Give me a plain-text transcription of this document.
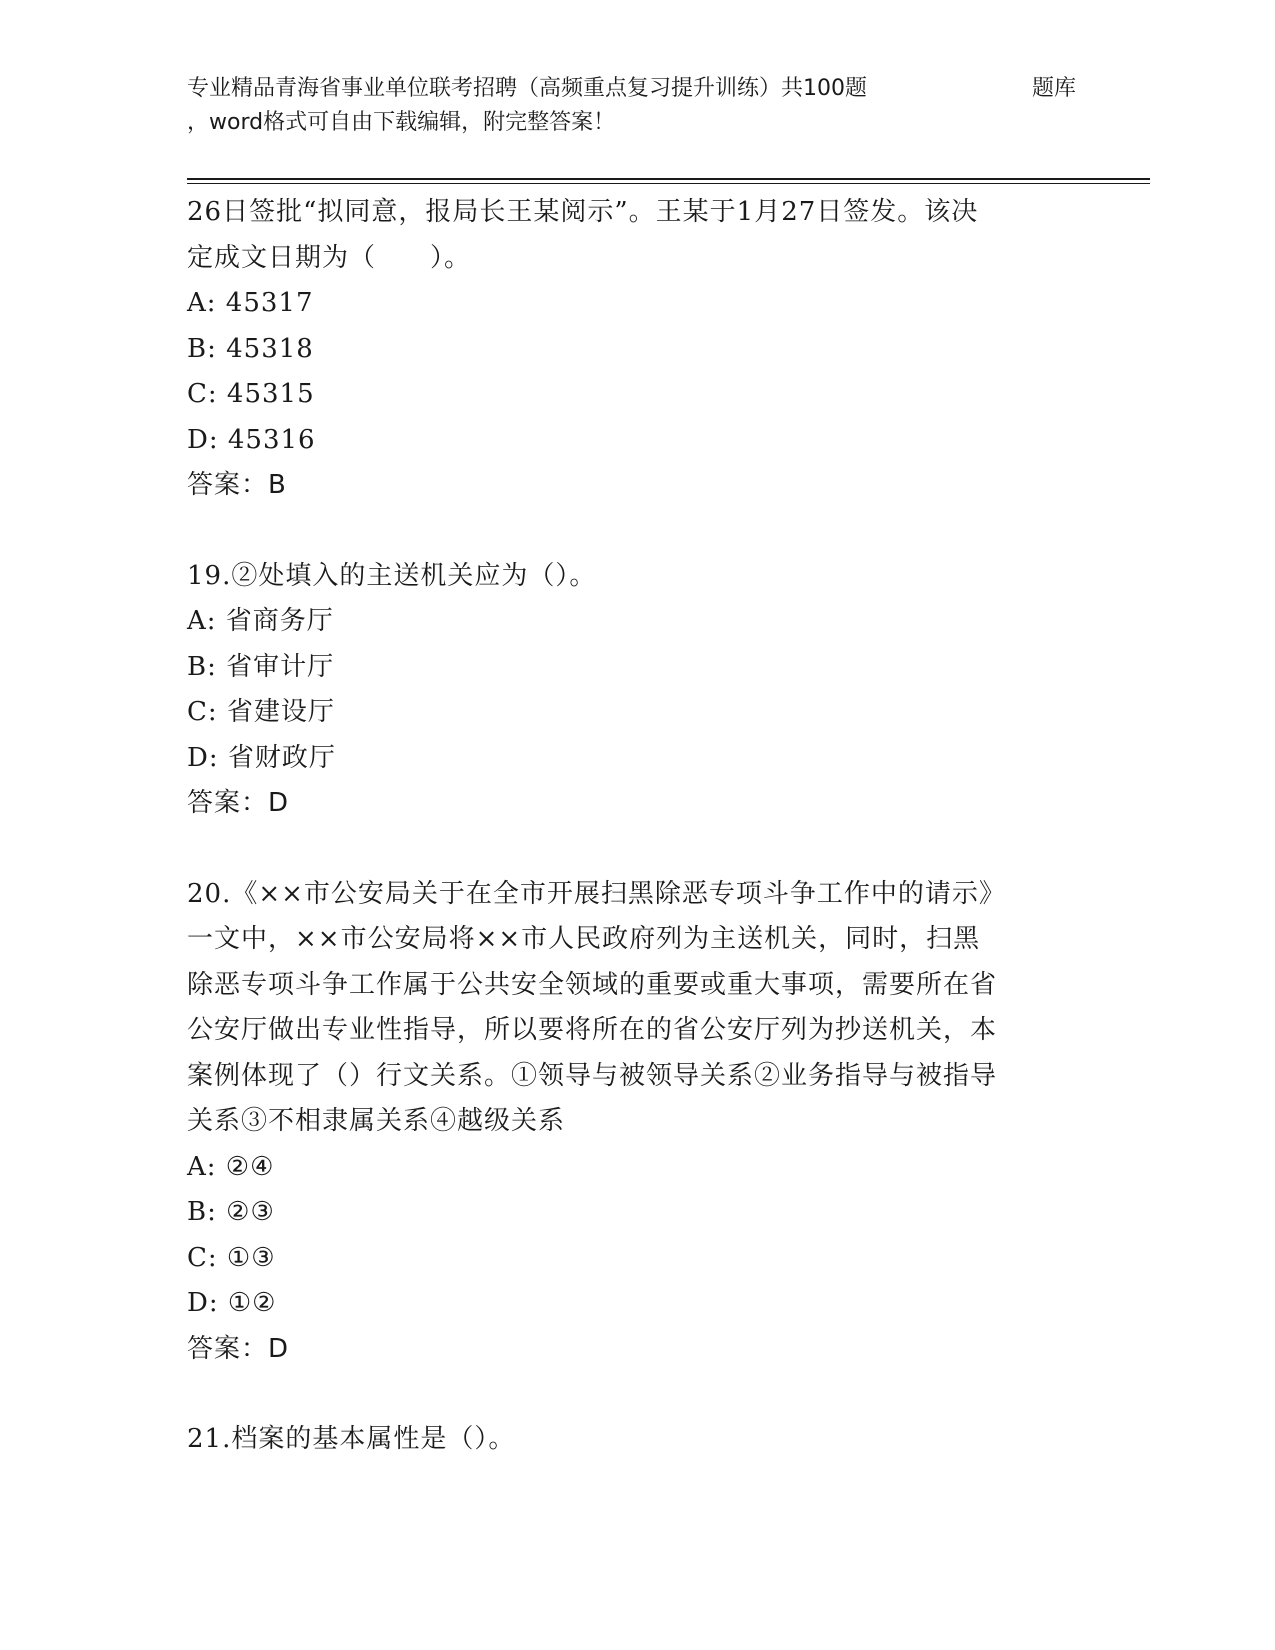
专业精品青海省事业单位联考招聘（高频重点复习提升训练）共100题	题库
，word格式可自由下载编辑，附完整答案！
26日签批“拟同意，报局长王某阅示”。王某于1月27日签发。该决
定成文日期为（　　）。
A: 45317
B: 45318
C: 45315
D: 45316
答案：B
19.②处填入的主送机关应为（）。
A: 省商务厅
B: 省审计厅
C: 省建设厅
D: 省财政厅
答案：D
20.《××市公安局关于在全市开展扫黑除恶专项斗争工作中的请示》
一文中，××市公安局将××市人民政府列为主送机关，同时，扫黑
除恶专项斗争工作属于公共安全领域的重要或重大事项，需要所在省
公安厅做出专业性指导，所以要将所在的省公安厅列为抄送机关，本
案例体现了（）行文关系。①领导与被领导关系②业务指导与被指导
关系③不相隶属关系④越级关系
A: ②④
B: ②③
C: ①③
D: ①②
答案：D
21.档案的基本属性是（）。
